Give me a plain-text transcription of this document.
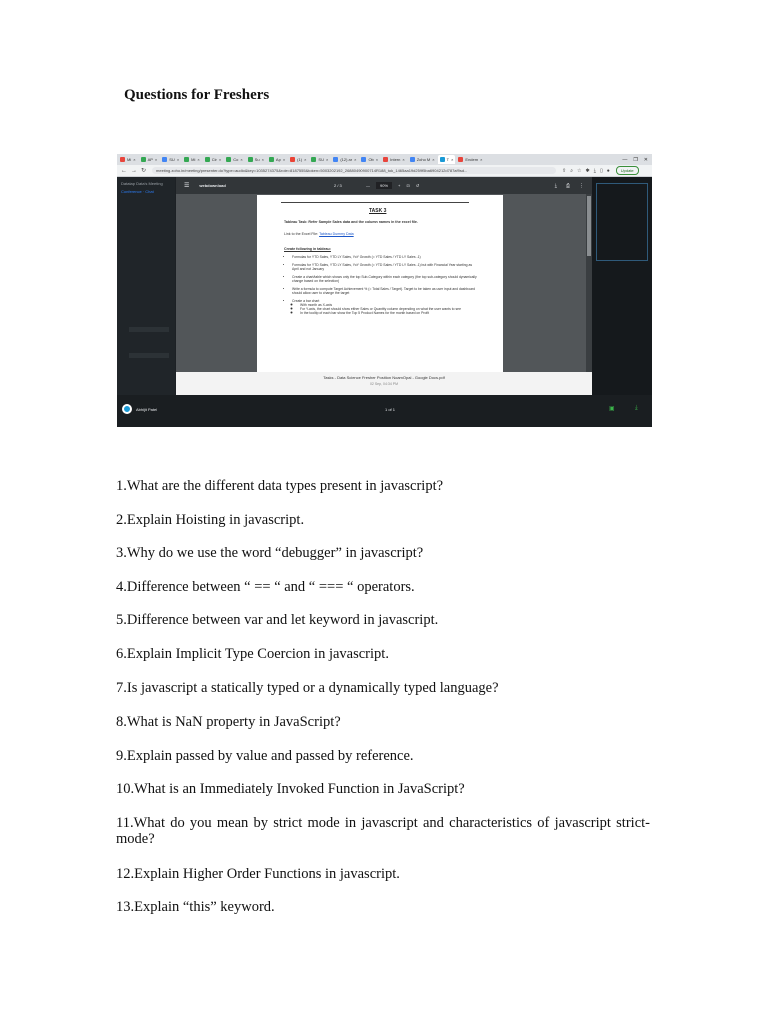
Questions for Freshers
Mi ×	AP ×	SU ×	Mi ×	Cir ×	Co ×	Su ×	Ap ×	(1) ×	SU ×	(12) ar ×	Ob ×	Intern ×	Zoho M ×	T ×	Endem ×	— ❐ ✕
← → ↻	meeting.zoho.in/meeting/presenter.do?type=audio&key=1035274375&role=8187555&token=5003202192_26880490900714R188_tok_1465aa19d259f5ba6904212d787af9sd...	⇪ ⌕ ☆ ✱ ⤓ ▯ ●	Update
Datatap Data's Meeting
Conference · Chat
☰	webdownload	2 / 3	—	90%	+ ⊡ ↺	⤓ ⎙ ⋮
TASK 3
Tableau Task: Refer Sample Sales data and the column names in the excel file.
Link to the Excel File: Tableau Dummy Data
Create following in tableau:
• Formulas for YTD Sales, YTD LY Sales, YoY Growth (= YTD Sales / YTD LY Sales -1)
• Formulas for YTD Sales, YTD LY Sales, YoY Growth (= YTD Sales / YTD LY Sales -1) but with Financial Year starting as April and not January
• Create a chart/table which shows only the top Sub-Category within each category (the top sub-category should dynamically change based on the selection)
• Write a formula to compute Target Achievement % (= Total Sales / Target). Target to be taken as user input and dashboard should allow user to change the target
• Create a bar chart
◦ With month as X-axis
◦ For Y-axis, the chart should show either Sales or Quantity column depending on what the user wants to see
◦ In the tooltip of each bar show the Top 5 Product Names for the month based on Profit
Tasks - Data Science Fresher Position NoamOpal - Google Docs.pdf
02 Sep, 04:34 PM
Abhijit Patel	1 of 1	▣	⤓

1.What are the different data types present in javascript?

2.Explain Hoisting in javascript.

3.Why do we use the word “debugger” in javascript?

4.Difference between “ == “ and “ === “ operators.

5.Difference between var and let keyword in javascript.

6.Explain Implicit Type Coercion in javascript.

7.Is javascript a statically typed or a dynamically typed language?

8.What is NaN property in JavaScript?

9.Explain passed by value and passed by reference.

10.What is an Immediately Invoked Function in JavaScript?

11.What do you mean by strict mode in javascript and characteristics of javascript strict-mode?

12.Explain Higher Order Functions in javascript.

13.Explain “this” keyword.
